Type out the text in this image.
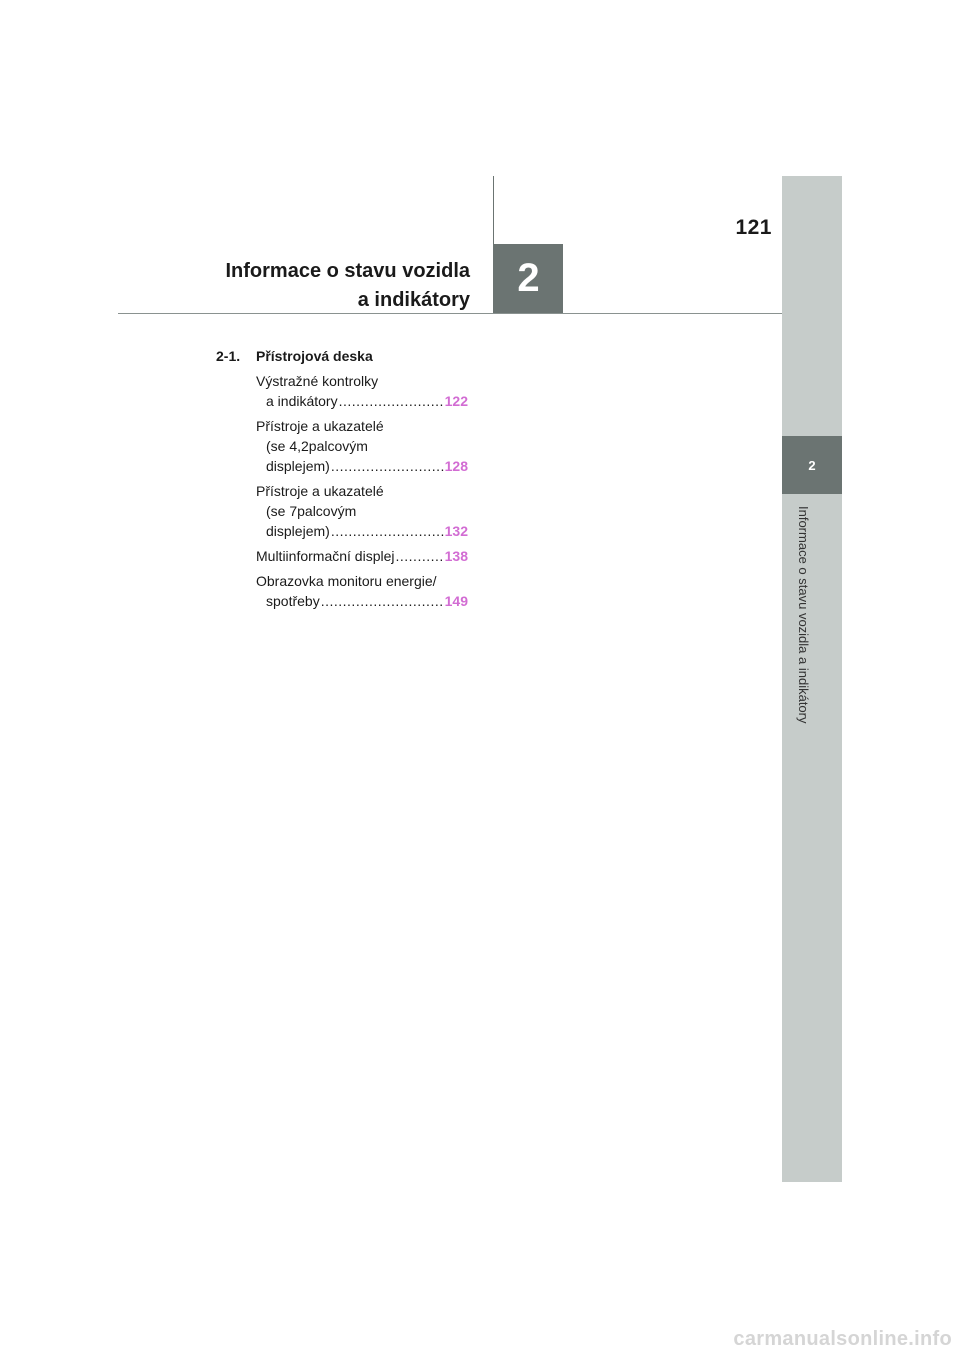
121
Informace o stavu vozidla
a indikátory 2
2
Informace o stavu vozidla a indikátory
2-1. Přístrojová deska
Výstražné kontrolky
a indikátory .....	122
Přístroje a ukazatelé
(se 4,2palcovým
displejem) .....	128
Přístroje a ukazatelé
(se 7palcovým
displejem) .....	132
Multiinformační displej .....	138
Obrazovka monitoru energie/
spotřeby .....	149
carmanualsonline.info
